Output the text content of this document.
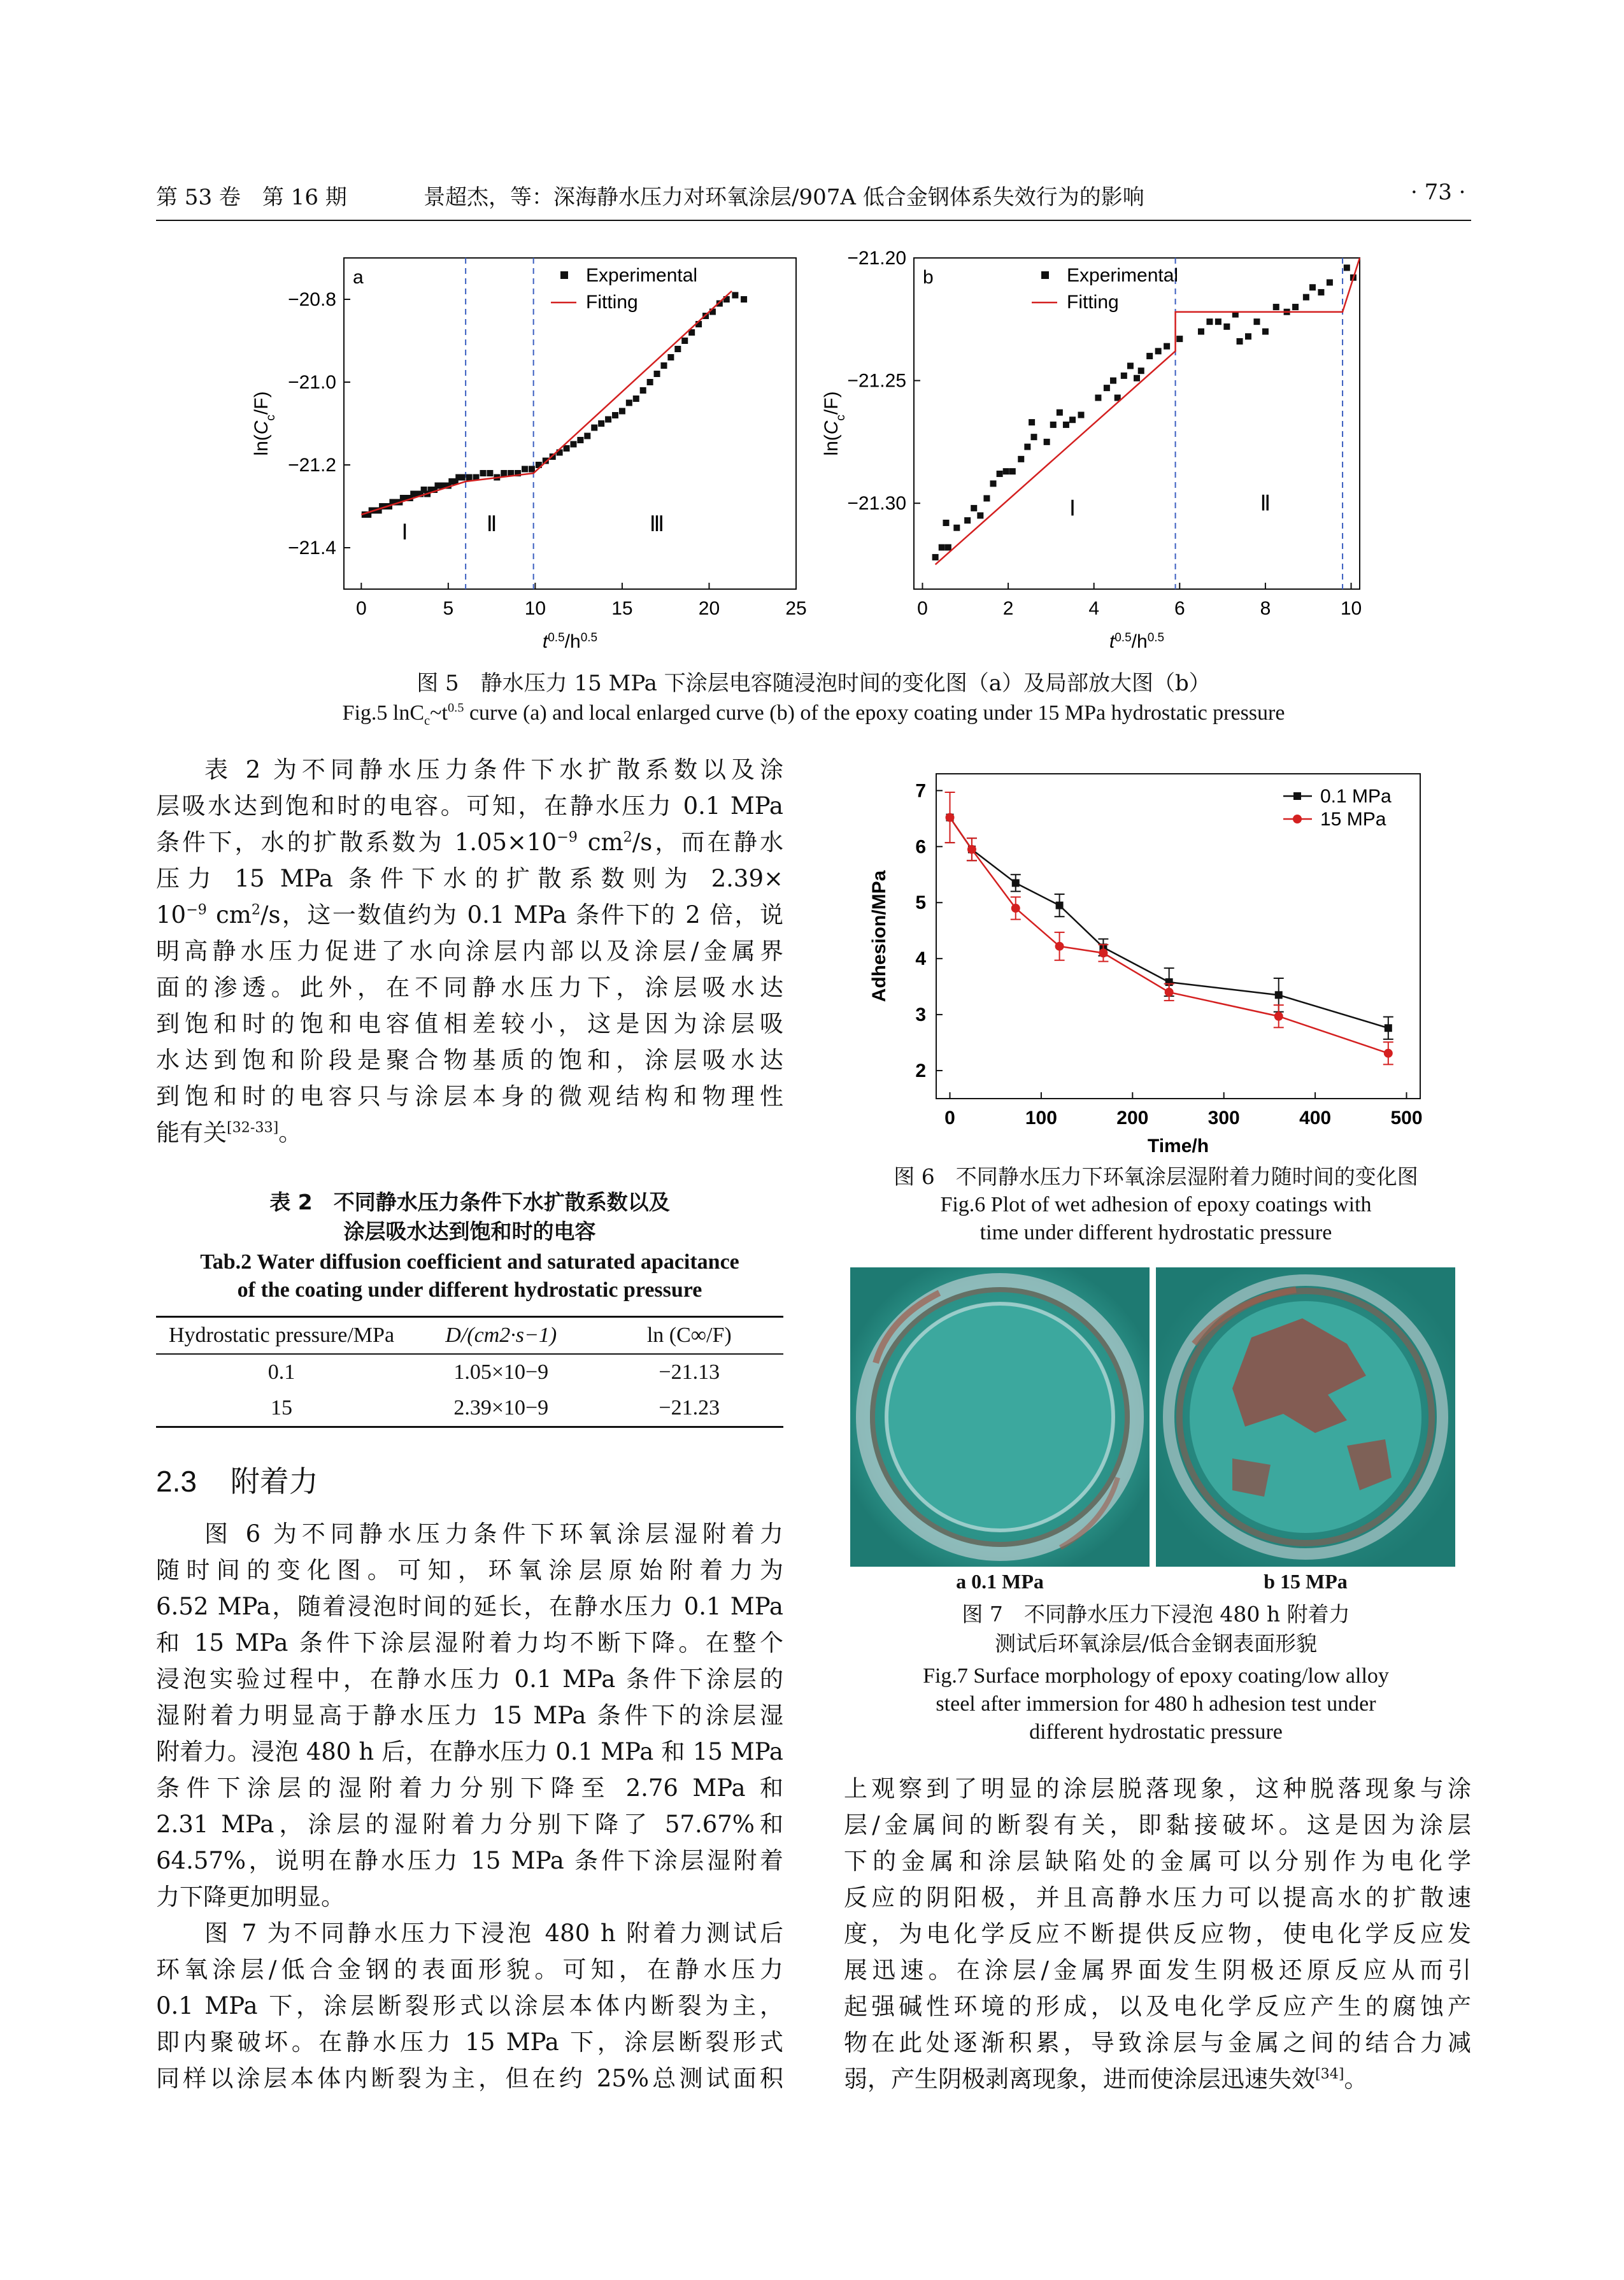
第 53 卷　第 16 期	景超杰，等：深海静水压力对环氧涂层/907A 低合金钢体系失效行为的影响	· 73 ·
0	5	10	15	20	25
−21.4
−21.2
−21.0
−20.8
a	Experimental
Fitting
Ⅰ	Ⅱ	Ⅲ
$t^{0.5}/h^{0.5}$
$\ln(C_c/F)$
0	2	4	6	8	10
−21.30
−21.25
−21.20
b	Experimental
Fitting
Ⅰ	Ⅱ
$t^{0.5}/h^{0.5}$
$\ln(C_c/F)$
图 5　静水压力 15 MPa 下涂层电容随浸泡时间的变化图（a）及局部放大图（b）
Fig.5 $\ln C_c\sim t^{0.5}$ curve (a) and local enlarged curve (b) of the epoxy coating under 15 MPa hydrostatic pressure

表 2 为不同静水压力条件下水扩散系数以及涂

层吸水达到饱和时的电容。可知，在静水压力 0.1 MPa

条件下，水的扩散系数为 $1.05\times 10^{-9}$ $cm^2/s$，而在静水

压力 15 MPa 条件下水的扩散系数则为 2.39×

$10^{-9}$ $cm^2/s$，这一数值约为 0.1 MPa 条件下的 2 倍，说

明高静水压力促进了水向涂层内部以及涂层/金属界

面的渗透。此外，在不同静水压力下，涂层吸水达

到饱和时的饱和电容值相差较小，这是因为涂层吸

水达到饱和阶段是聚合物基质的饱和，涂层吸水达

到饱和时的电容只与涂层本身的微观结构和物理性

能有关[32-33]。

表 2　不同静水压力条件下水扩散系数以及
涂层吸水达到饱和时的电容
Tab.2 Water diffusion coefficient and saturated apacitance
of the coating under different hydrostatic pressure
Hydrostatic pressure/MPa	D/(cm2·s−1)	ln (C∞/F)
0.1	1.05×10−9	−21.13
15	2.39×10−9	−21.23
2.3 附着力

图 6 为不同静水压力条件下环氧涂层湿附着力

随时间的变化图。可知，环氧涂层原始附着力为

6.52 MPa，随着浸泡时间的延长，在静水压力 0.1 MPa

和 15 MPa 条件下涂层湿附着力均不断下降。在整个

浸泡实验过程中，在静水压力 0.1 MPa 条件下涂层的

湿附着力明显高于静水压力 15 MPa 条件下的涂层湿

附着力。浸泡 480 h 后，在静水压力 0.1 MPa 和 15 MPa

条件下涂层的湿附着力分别下降至 2.76 MPa 和

2.31 MPa，涂层的湿附着力分别下降了 57.67%和

64.57%，说明在静水压力 15 MPa 条件下涂层湿附着

力下降更加明显。

图 7 为不同静水压力下浸泡 480 h 附着力测试后

环氧涂层/低合金钢的表面形貌。可知，在静水压力

0.1 MPa 下，涂层断裂形式以涂层本体内断裂为主，

即内聚破坏。在静水压力 15 MPa 下，涂层断裂形式

同样以涂层本体内断裂为主，但在约 25%总测试面积

0	100	200	300	400	500
2
3
4
5
6
7	0.1 MPa
15 MPa
Time/h
Adhesion/MPa
图 6　不同静水压力下环氧涂层湿附着力随时间的变化图
Fig.6 Plot of wet adhesion of epoxy coatings with
time under different hydrostatic pressure
a 0.1 MPa	b 15 MPa
图 7　不同静水压力下浸泡 480 h 附着力
测试后环氧涂层/低合金钢表面形貌
Fig.7 Surface morphology of epoxy coating/low alloy
steel after immersion for 480 h adhesion test under
different hydrostatic pressure

上观察到了明显的涂层脱落现象，这种脱落现象与涂

层/金属间的断裂有关，即黏接破坏。这是因为涂层

下的金属和涂层缺陷处的金属可以分别作为电化学

反应的阴阳极，并且高静水压力可以提高水的扩散速

度，为电化学反应不断提供反应物，使电化学反应发

展迅速。在涂层/金属界面发生阴极还原反应从而引

起强碱性环境的形成，以及电化学反应产生的腐蚀产

物在此处逐渐积累，导致涂层与金属之间的结合力减

弱，产生阴极剥离现象，进而使涂层迅速失效[34]。
